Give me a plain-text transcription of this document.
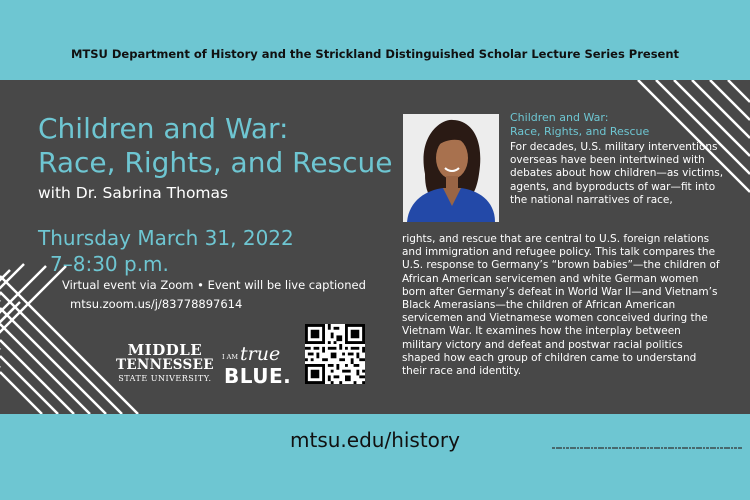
MTSU Department of History and the Strickland Distinguished Scholar Lecture Series Present
Children and War:
Race, Rights, and Rescue
with Dr. Sabrina Thomas
Thursday March 31, 2022
7–8:30 p.m.
Virtual event via Zoom • Event will be live captioned
mtsu.zoom.us/j/83778897614
MIDDLE
TENNESSEE
STATE UNIVERSITY.
I AM true
BLUE.
Children and War:
Race, Rights, and Rescue
For decades, U.S. military interventions overseas have been intertwined with debates about how children—as victims, agents, and byproducts of war—fit into the national narratives of race,
rights, and rescue that are central to U.S. foreign relations and immigration and refugee policy. This talk compares the U.S. response to Germany’s “brown babies”—the children of African American servicemen and white German women born after Germany’s defeat in World War II—and Vietnam’s Black Amerasians—the children of African American servicemen and Vietnamese women conceived during the Vietnam War. It examines how the interplay between military victory and defeat and postwar racial politics shaped how each group of children came to understand their race and identity.
mtsu.edu/history
